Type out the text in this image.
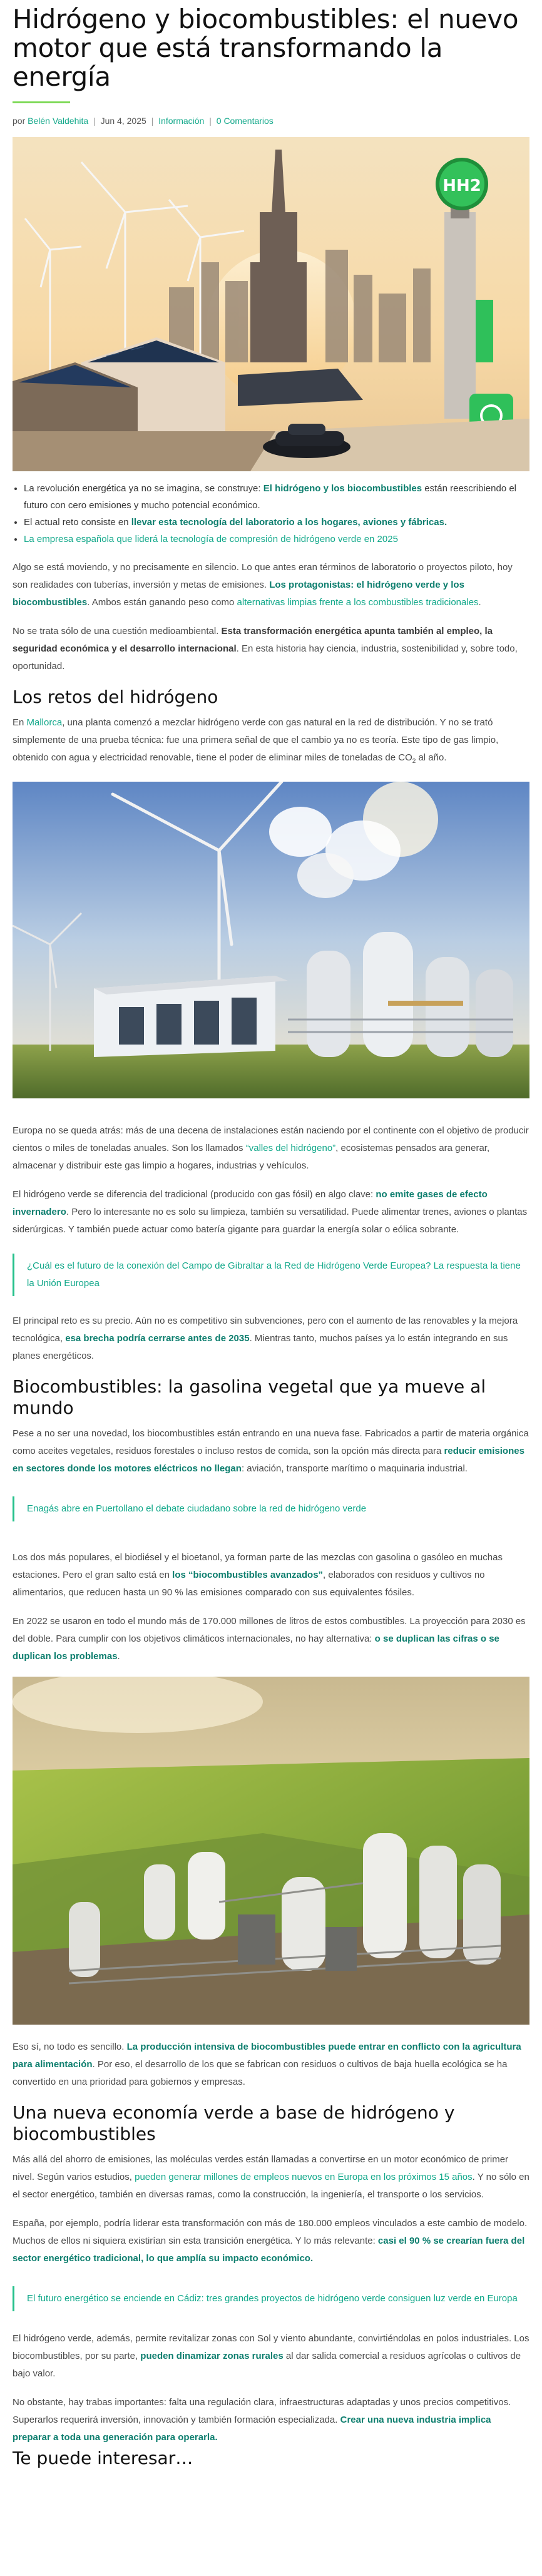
Hidrógeno y biocombustibles: el nuevo motor que está transformando la energía
por Belén Valdehita | Jun 4, 2025 | Información | 0 Comentarios
HH2
• La revolución energética ya no se imagina, se construye: El hidrógeno y los biocombustibles están reescribiendo el futuro con cero emisiones y mucho potencial económico.
• El actual reto consiste en llevar esta tecnología del laboratorio a los hogares, aviones y fábricas.
• La empresa española que liderá la tecnología de compresión de hidrógeno verde en 2025

Algo se está moviendo, y no precisamente en silencio. Lo que antes eran términos de laboratorio o proyectos piloto, hoy son realidades con tuberías, inversión y metas de emisiones. Los protagonistas: el hidrógeno verde y los biocombustibles. Ambos están ganando peso como alternativas limpias frente a los combustibles tradicionales.

No se trata sólo de una cuestión medioambiental. Esta transformación energética apunta también al empleo, la seguridad económica y el desarrollo internacional. En esta historia hay ciencia, industria, sostenibilidad y, sobre todo, oportunidad.

Los retos del hidrógeno

En Mallorca, una planta comenzó a mezclar hidrógeno verde con gas natural en la red de distribución. Y no se trató simplemente de una prueba técnica: fue una primera señal de que el cambio ya no es teoría. Este tipo de gas limpio, obtenido con agua y electricidad renovable, tiene el poder de eliminar miles de toneladas de $CO_2$ al año.

Europa no se queda atrás: más de una decena de instalaciones están naciendo por el continente con el objetivo de producir cientos o miles de toneladas anuales. Son los llamados “valles del hidrógeno”, ecosistemas pensados ara generar, almacenar y distribuir este gas limpio a hogares, industrias y vehículos.

El hidrógeno verde se diferencia del tradicional (producido con gas fósil) en algo clave: no emite gases de efecto invernadero. Pero lo interesante no es solo su limpieza, también su versatilidad. Puede alimentar trenes, aviones o plantas siderúrgicas. Y también puede actuar como batería gigante para guardar la energía solar o eólica sobrante.

¿Cuál es el futuro de la conexión del Campo de Gibraltar a la Red de Hidrógeno Verde Europea? La respuesta la tiene la Unión Europea

El principal reto es su precio. Aún no es competitivo sin subvenciones, pero con el aumento de las renovables y la mejora tecnológica, esa brecha podría cerrarse antes de 2035. Mientras tanto, muchos países ya lo están integrando en sus planes energéticos.

Biocombustibles: la gasolina vegetal que ya mueve al mundo

Pese a no ser una novedad, los biocombustibles están entrando en una nueva fase. Fabricados a partir de materia orgánica como aceites vegetales, residuos forestales o incluso restos de comida, son la opción más directa para reducir emisiones en sectores donde los motores eléctricos no llegan: aviación, transporte marítimo o maquinaria industrial.

Enagás abre en Puertollano el debate ciudadano sobre la red de hidrógeno verde

Los dos más populares, el biodiésel y el bioetanol, ya forman parte de las mezclas con gasolina o gasóleo en muchas estaciones. Pero el gran salto está en los “biocombustibles avanzados”, elaborados con residuos y cultivos no alimentarios, que reducen hasta un 90 % las emisiones comparado con sus equivalentes fósiles.

En 2022 se usaron en todo el mundo más de 170.000 millones de litros de estos combustibles. La proyección para 2030 es del doble. Para cumplir con los objetivos climáticos internacionales, no hay alternativa: o se duplican las cifras o se duplican los problemas.

Eso sí, no todo es sencillo. La producción intensiva de biocombustibles puede entrar en conflicto con la agricultura para alimentación. Por eso, el desarrollo de los que se fabrican con residuos o cultivos de baja huella ecológica se ha convertido en una prioridad para gobiernos y empresas.

Una nueva economía verde a base de hidrógeno y biocombustibles

Más allá del ahorro de emisiones, las moléculas verdes están llamadas a convertirse en un motor económico de primer nivel. Según varios estudios, pueden generar millones de empleos nuevos en Europa en los próximos 15 años. Y no sólo en el sector energético, también en diversas ramas, como la construcción, la ingeniería, el transporte o los servicios.

España, por ejemplo, podría liderar esta transformación con más de 180.000 empleos vinculados a este cambio de modelo. Muchos de ellos ni siquiera existirían sin esta transición energética. Y lo más relevante: casi el 90 % se crearían fuera del sector energético tradicional, lo que amplía su impacto económico.

El futuro energético se enciende en Cádiz: tres grandes proyectos de hidrógeno verde consiguen luz verde en Europa

El hidrógeno verde, además, permite revitalizar zonas con Sol y viento abundante, convirtiéndolas en polos industriales. Los biocombustibles, por su parte, pueden dinamizar zonas rurales al dar salida comercial a residuos agrícolas o cultivos de bajo valor.

No obstante, hay trabas importantes: falta una regulación clara, infraestructuras adaptadas y unos precios competitivos. Superarlos requerirá inversión, innovación y también formación especializada. Crear una nueva industria implica preparar a toda una generación para operarla.

Te puede interesar…
